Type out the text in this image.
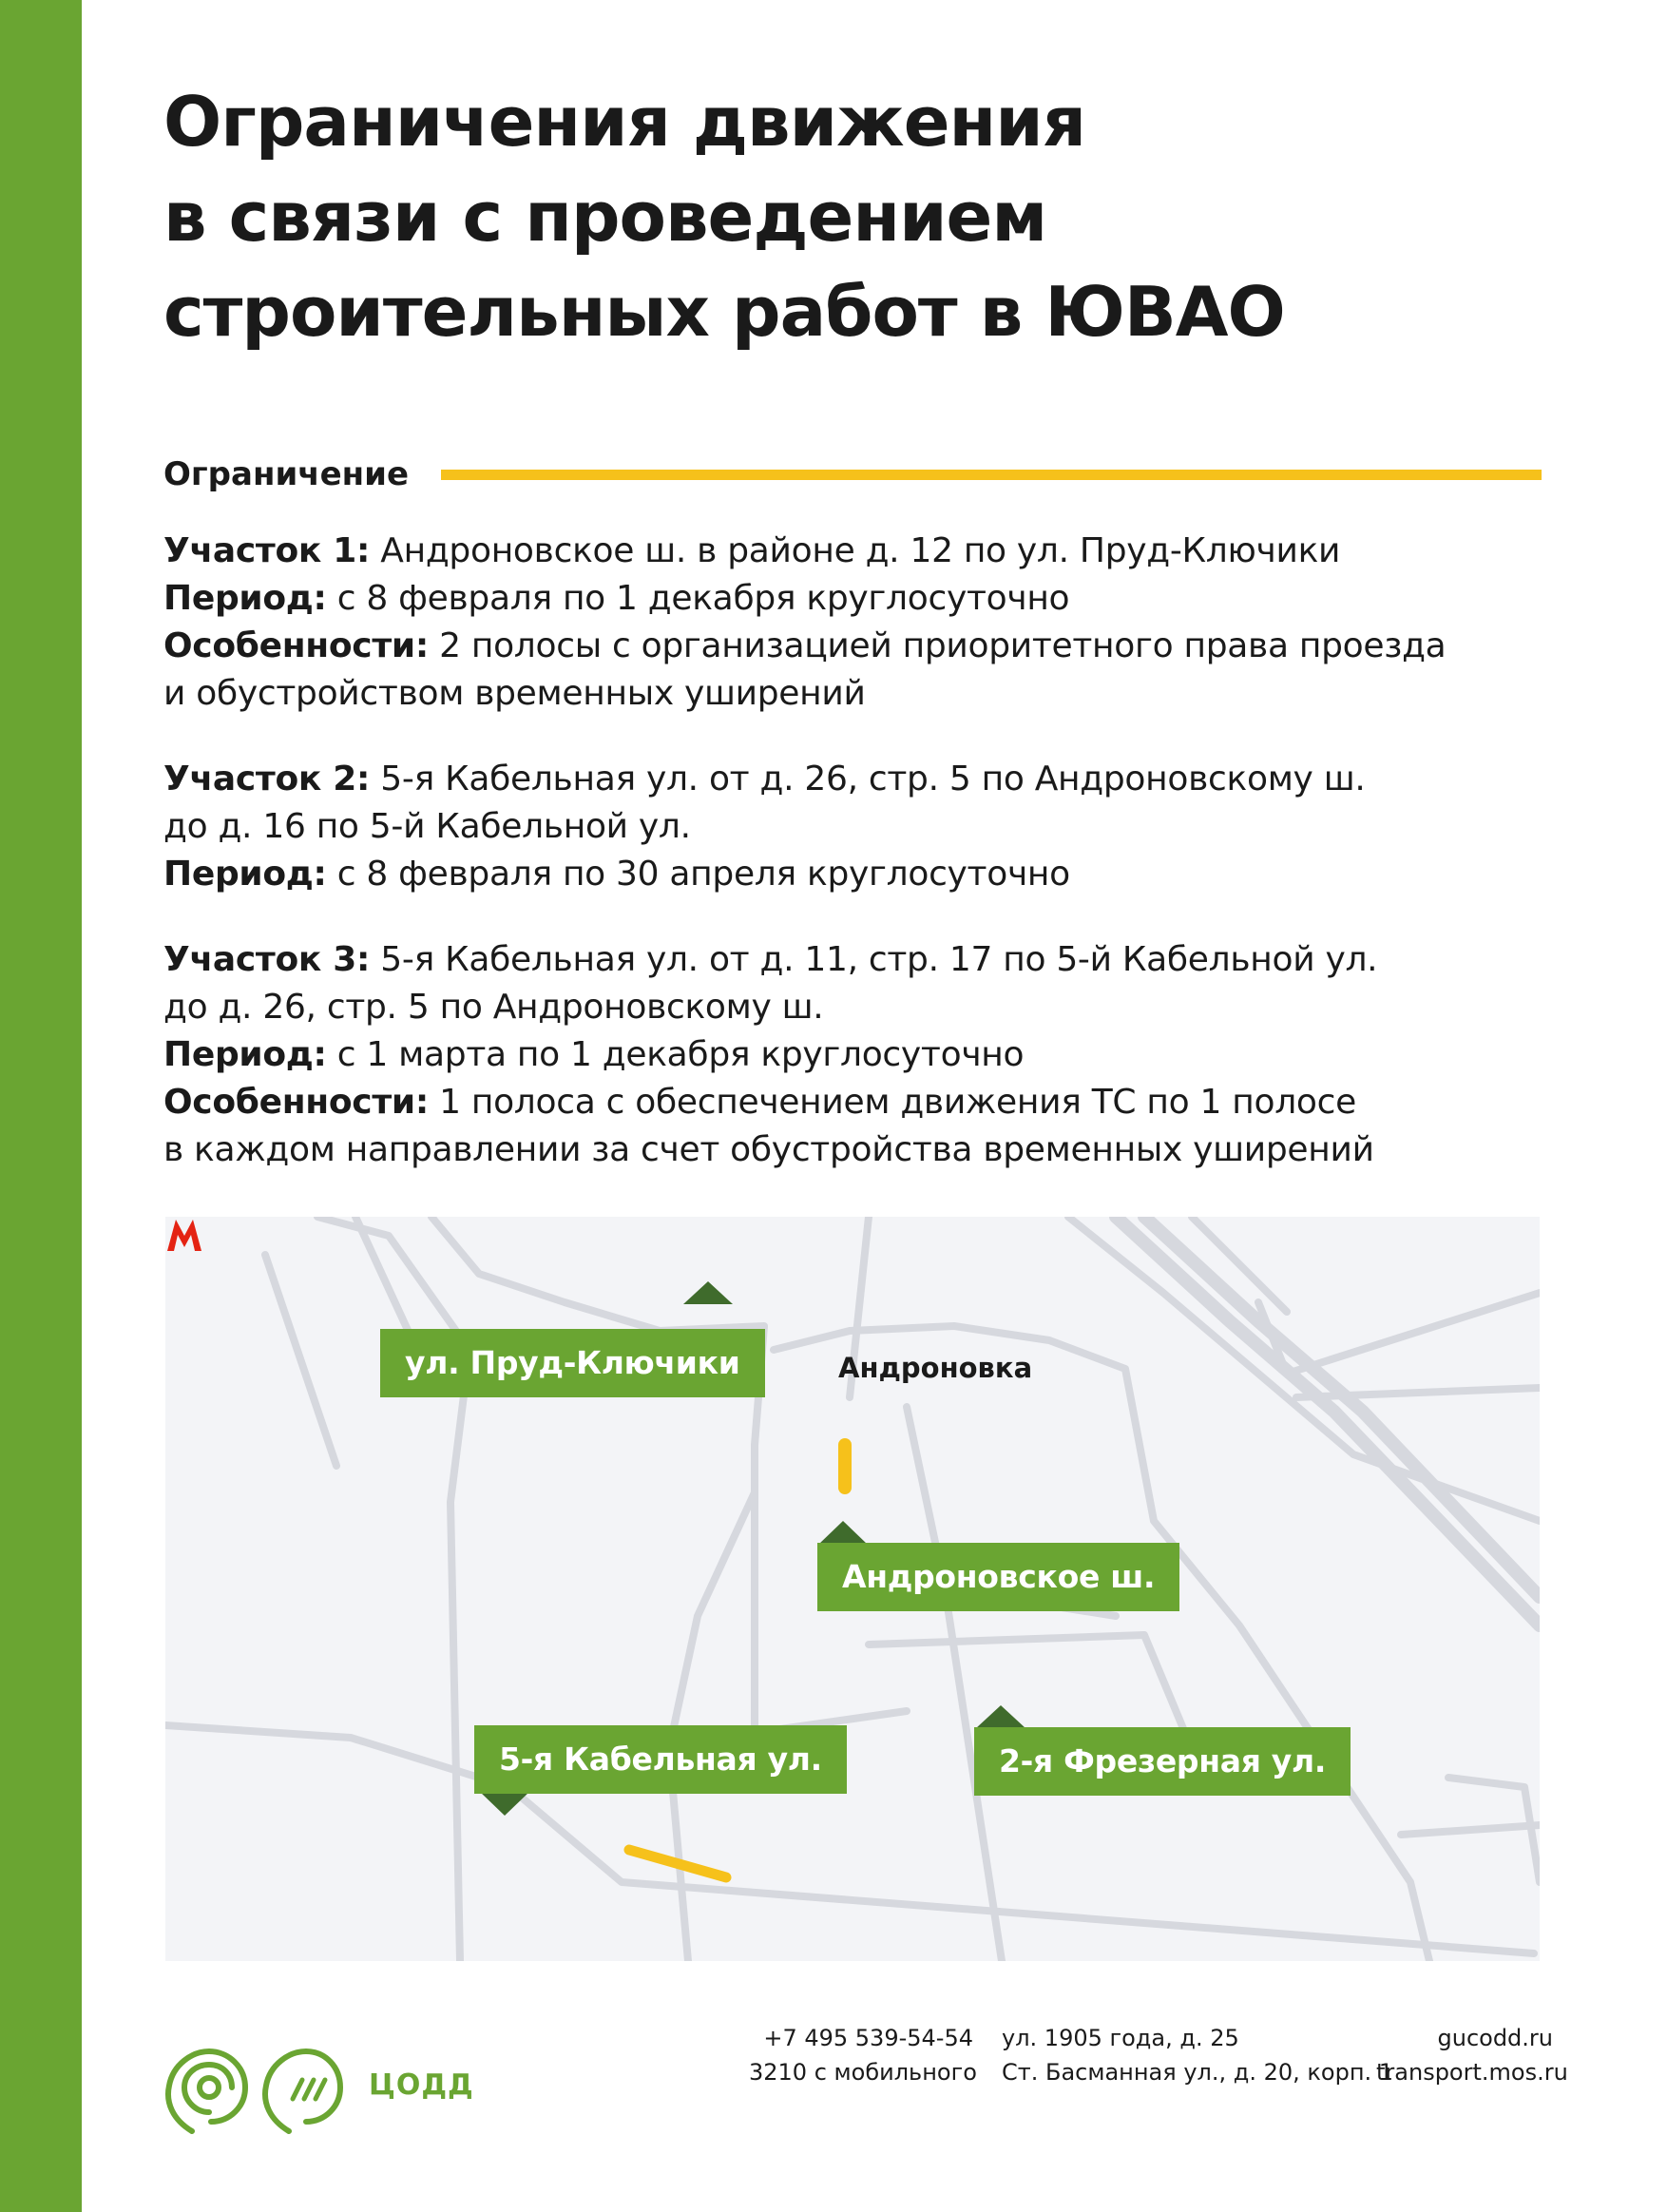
Ограничения движения
в связи с проведением
строительных работ в ЮВАО
Ограничение
Участок 1: Андроновское ш. в районе д. 12 по ул. Пруд-Ключики
Период: с 8 февраля по 1 декабря круглосуточно
Особенности: 2 полосы с организацией приоритетного права проезда
и обустройством временных уширений
Участок 2: 5-я Кабельная ул. от д. 26, стр. 5 по Андроновскому ш.
до д. 16 по 5-й Кабельной ул.
Период: с 8 февраля по 30 апреля круглосуточно
Участок 3: 5-я Кабельная ул. от д. 11, стр. 17 по 5-й Кабельной ул.
до д. 26, стр. 5 по Андроновскому ш.
Период: с 1 марта по 1 декабря круглосуточно
Особенности: 1 полоса с обеспечением движения ТС по 1 полосе
в каждом направлении за счет обустройства временных уширений
ул. Пруд-Ключики
Андроновское ш.
5-я Кабельная ул.	2-я Фрезерная ул.
Андроновка
ЦОДД
+7 495 539-54-54
3210 с мобильного
ул. 1905 года, д. 25
Ст. Басманная ул., д. 20, корп. 1
gucodd.ru
transport.mos.ru
